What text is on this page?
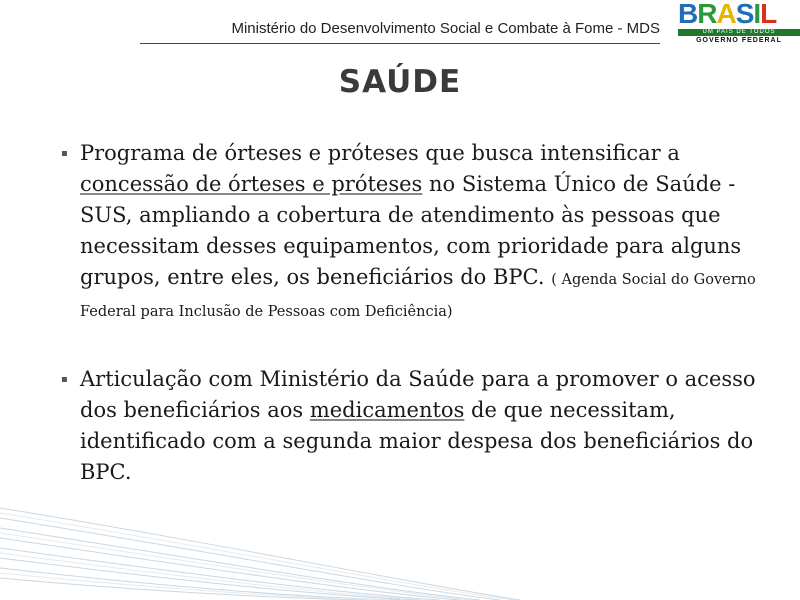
Ministério do Desenvolvimento Social e Combate à Fome - MDS B R A S I L
UM PAÍS DE TODOS
GOVERNO FEDERAL
SAÚDE
▪ Programa de órteses e próteses que busca intensificar a concessão de órteses e próteses no Sistema Único de Saúde - SUS, ampliando a cobertura de atendimento às pessoas que necessitam desses equipamentos, com prioridade para alguns grupos, entre eles, os beneficiários do BPC. ( Agenda Social do Governo Federal para Inclusão de Pessoas com Deficiência)
▪ Articulação com Ministério da Saúde para a promover o acesso dos beneficiários aos medicamentos de que necessitam, identificado com a segunda maior despesa dos beneficiários do BPC.
